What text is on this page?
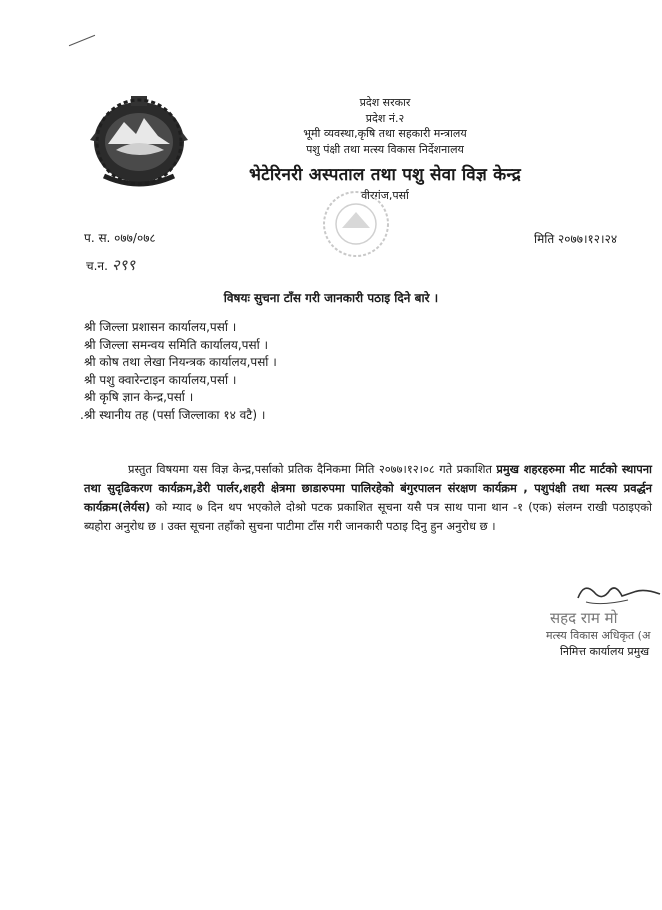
प्रदेश सरकार
प्रदेश नं.२
भूमी व्यवस्था,कृषि तथा सहकारी मन्त्रालय
पशु पंक्षी तथा मत्स्य विकास निर्देशनालय
भेटेरिनरी अस्पताल तथा पशु सेवा विज्ञ केन्द्र
वीरगंज,पर्सा
प. स. ०७७/०७८
च.न. २९९
मिति २०७७।१२।२४
विषयः सुचना टाँस गरी जानकारी पठाइ दिने बारे ।
श्री जिल्ला प्रशासन कार्यालय,पर्सा ।
श्री जिल्ला समन्वय समिति कार्यालय,पर्सा ।
श्री कोष तथा लेखा नियन्त्रक कार्यालय,पर्सा ।
श्री पशु क्वारेन्टाइन कार्यालय,पर्सा ।
श्री कृषि ज्ञान केन्द्र,पर्सा ।
.श्री स्थानीय तह (पर्सा जिल्लाका १४ वटै) ।
प्रस्तुत विषयमा यस विज्ञ केन्द्र,पर्साको प्रतिक दैनिकमा मिति २०७७।१२।०८ गते प्रकाशित प्रमुख शहरहरुमा मीट मार्टको स्थापना तथा सुदृढिकरण कार्यक्रम,डेरी पार्लर,शहरी क्षेत्रमा छाडारुपमा पालिरहेको बंगुरपालन संरक्षण कार्यक्रम , पशुपंक्षी तथा मत्स्य प्रवर्द्धन कार्यक्रम(लेर्यस) को म्याद ७ दिन थप भएकोले दोश्रो पटक प्रकाशित सूचना यसै पत्र साथ पाना थान -१ (एक) संलग्न राखी पठाइएको ब्यहोरा अनुरोध छ । उक्त सूचना तहाँको सुचना पाटीमा टाँस गरी जानकारी पठाइ दिनु हुन अनुरोध छ ।
सहद राम मो
मत्स्य विकास अधिकृत (अ
निमित्त कार्यालय प्रमुख
